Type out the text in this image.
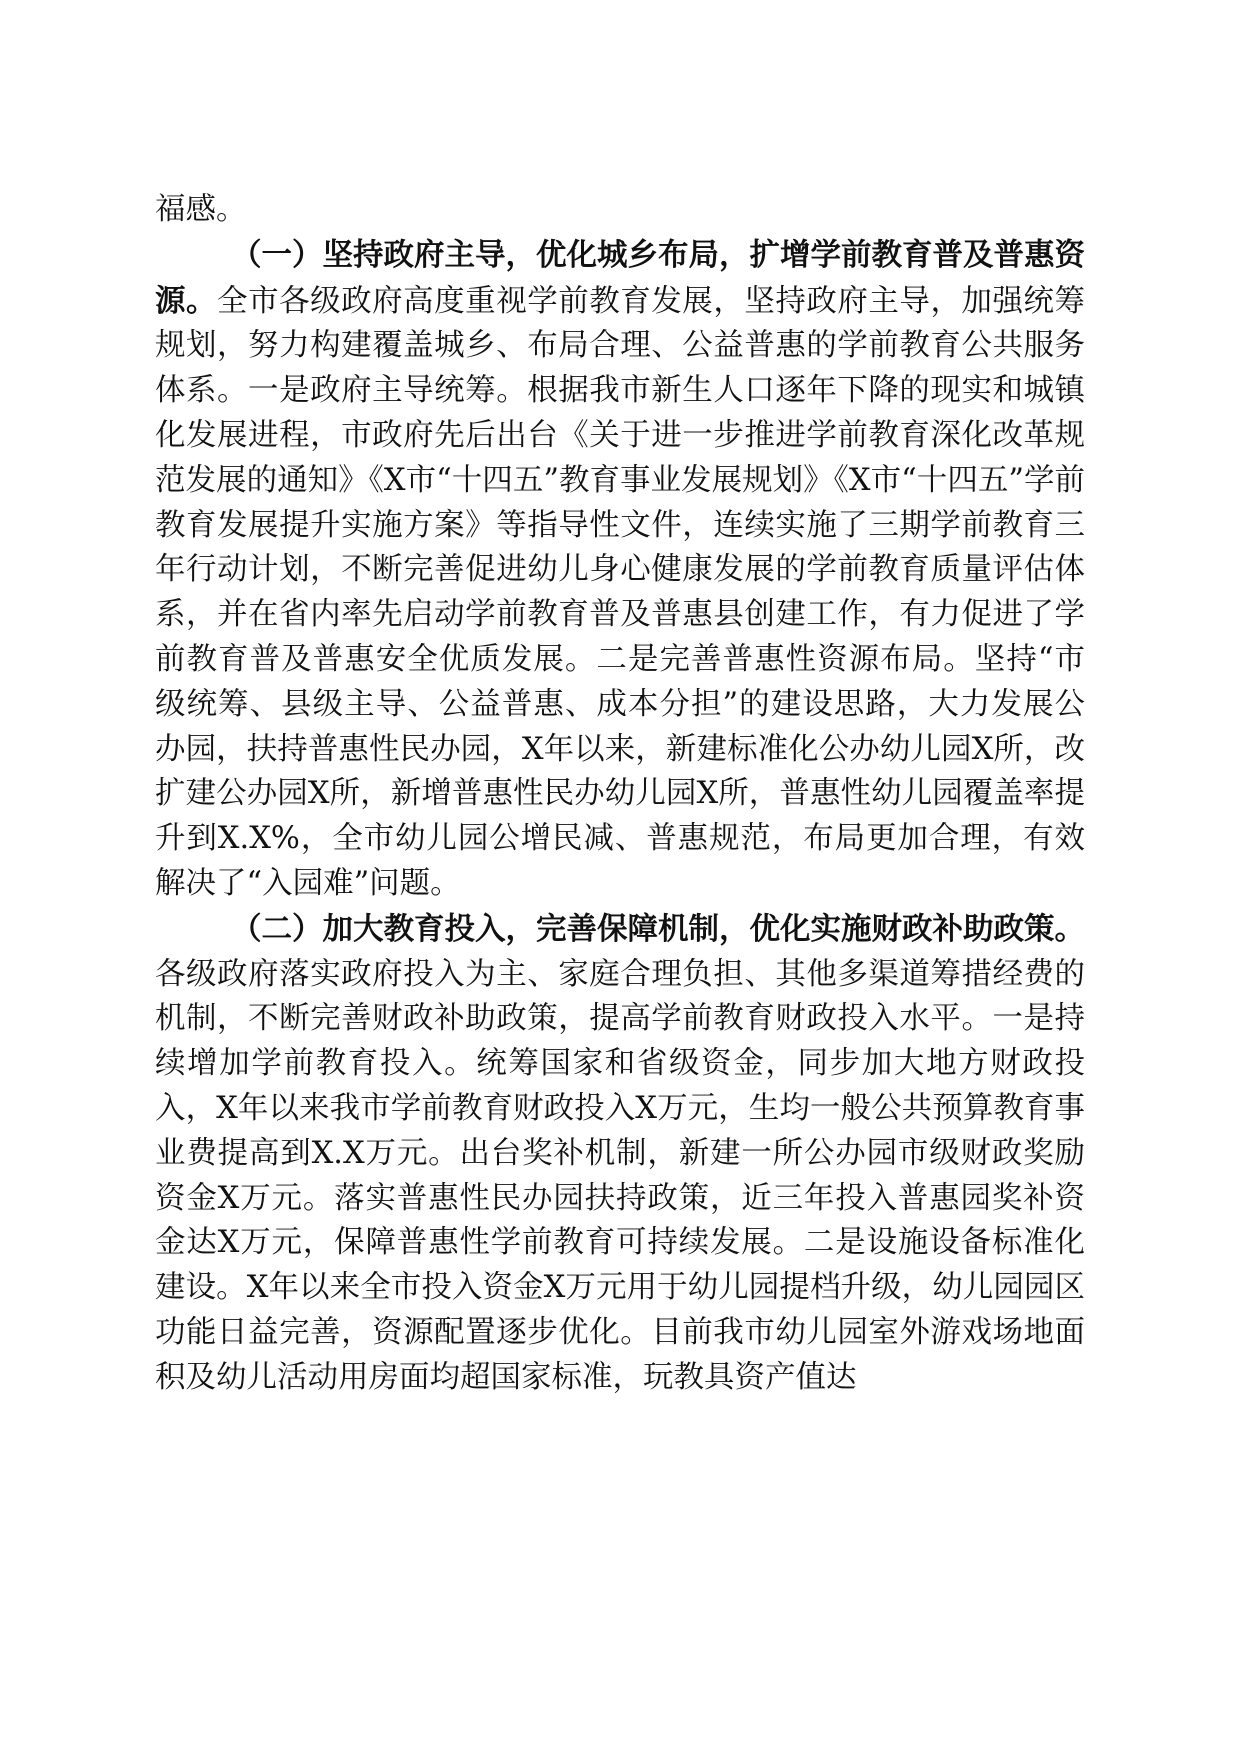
福感。

（一）坚持政府主导，优化城乡布局，扩增学前教育普及普惠资源。全市各级政府高度重视学前教育发展，坚持政府主导，加强统筹规划，努力构建覆盖城乡、布局合理、公益普惠的学前教育公共服务体系。一是政府主导统筹。根据我市新生人口逐年下降的现实和城镇化发展进程，市政府先后出台《关于进一步推进学前教育深化改革规范发展的通知》《X市“十四五”教育事业发展规划》《X市“十四五”学前教育发展提升实施方案》等指导性文件，连续实施了三期学前教育三年行动计划，不断完善促进幼儿身心健康发展的学前教育质量评估体系，并在省内率先启动学前教育普及普惠县创建工作，有力促进了学前教育普及普惠安全优质发展。二是完善普惠性资源布局。坚持“市级统筹、县级主导、公益普惠、成本分担”的建设思路，大力发展公办园，扶持普惠性民办园，X年以来，新建标准化公办幼儿园X所，改扩建公办园X所，新增普惠性民办幼儿园X所，普惠性幼儿园覆盖率提升到X.X%，全市幼儿园公增民减、普惠规范，布局更加合理，有效解决了“入园难”问题。

（二）加大教育投入，完善保障机制，优化实施财政补助政策。各级政府落实政府投入为主、家庭合理负担、其他多渠道筹措经费的机制，不断完善财政补助政策，提高学前教育财政投入水平。一是持续增加学前教育投入。统筹国家和省级资金，同步加大地方财政投入，X年以来我市学前教育财政投入X万元，生均一般公共预算教育事业费提高到X.X万元。出台奖补机制，新建一所公办园市级财政奖励资金X万元。落实普惠性民办园扶持政策，近三年投入普惠园奖补资金达X万元，保障普惠性学前教育可持续发展。二是设施设备标准化建设。X年以来全市投入资金X万元用于幼儿园提档升级，幼儿园园区功能日益完善，资源配置逐步优化。目前我市幼儿园室外游戏场地面积及幼儿活动用房面均超国家标准，玩教具资产值达
